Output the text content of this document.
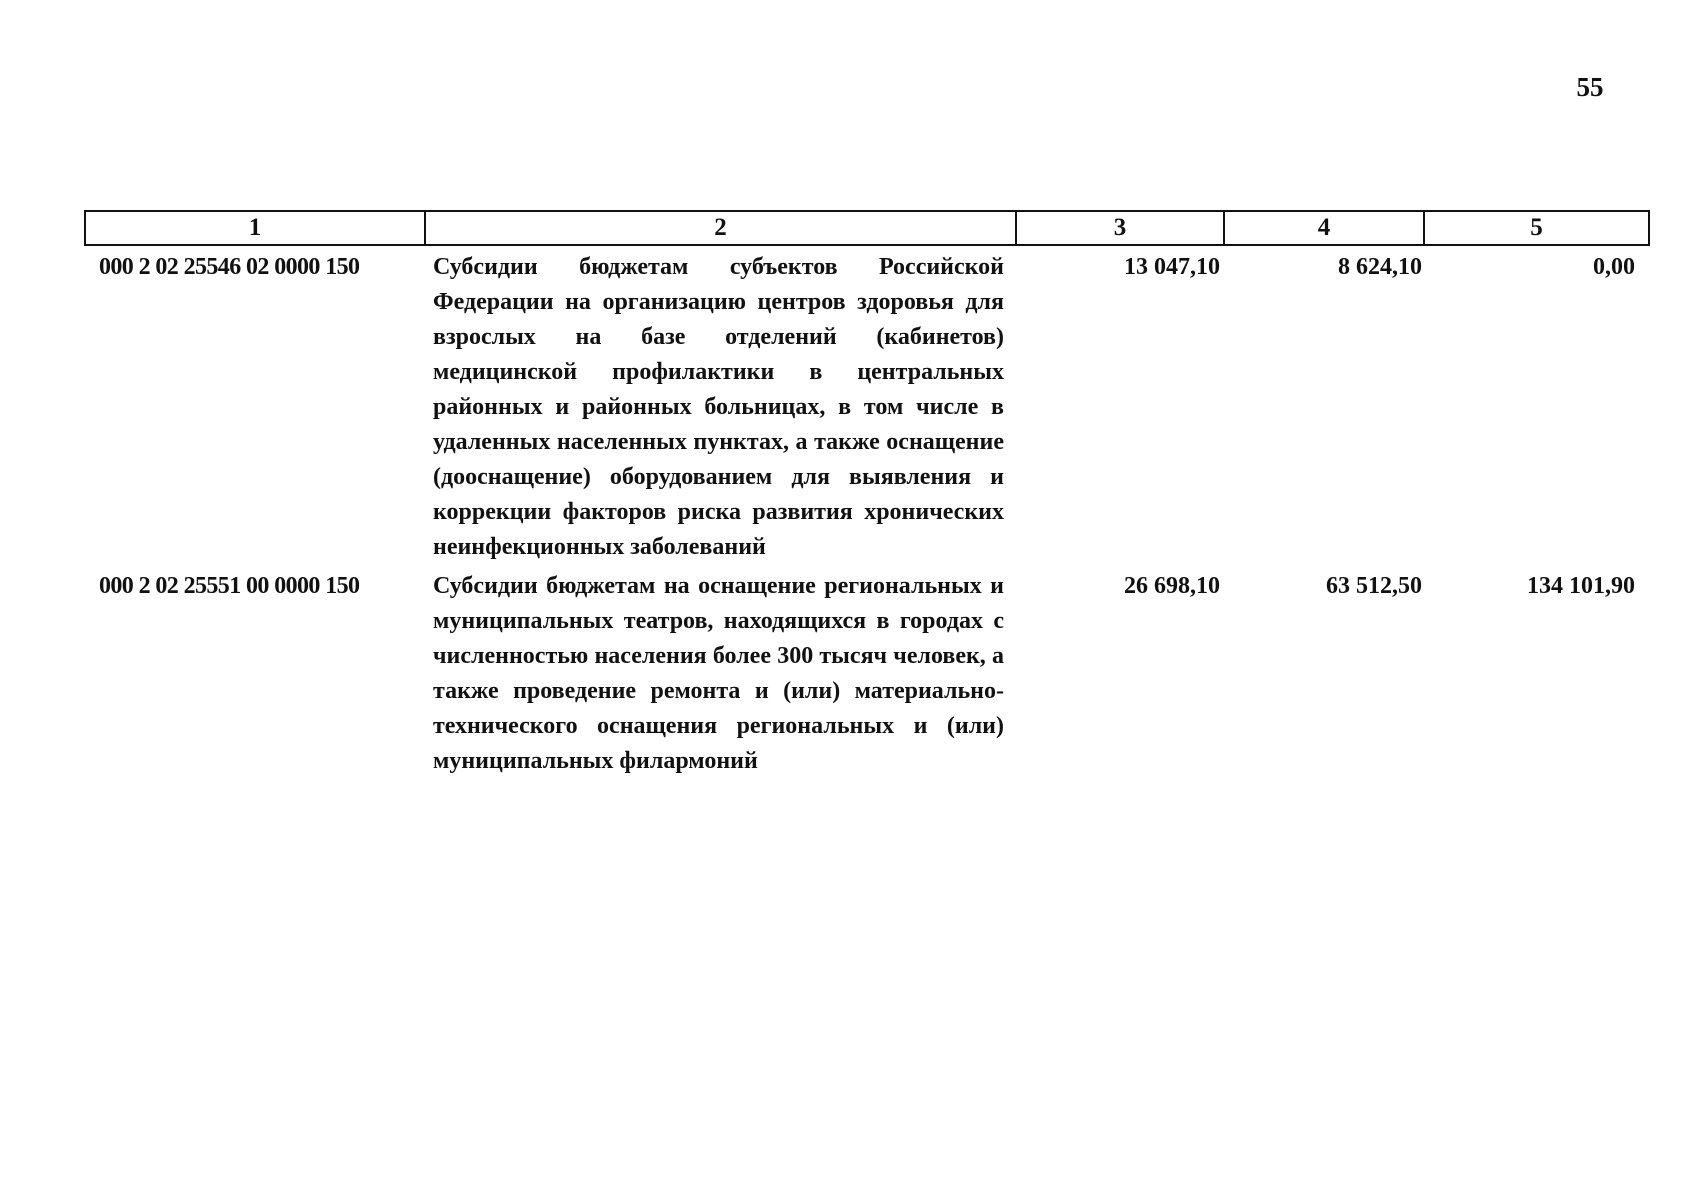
55
1	2	3	4	5
000 2 02 25546 02 0000 150	Субсидии бюджетам субъектов Российской Федерации на организацию центров здоровья для взрослых на базе отделений (кабинетов) медицинской профилактики в центральных районных и районных больницах, в том числе в удаленных населенных пунктах, а также оснащение (дооснащение) оборудованием для выявления и коррекции факторов риска развития хронических неинфекционных заболеваний	13 047,10	8 624,10	0,00
000 2 02 25551 00 0000 150	Субсидии бюджетам на оснащение региональных и муниципальных театров, находящихся в городах с численностью населения более 300 тысяч человек, а также проведение ремонта и (или) материально-технического оснащения региональных и (или) муниципальных филармоний	26 698,10	63 512,50	134 101,90
